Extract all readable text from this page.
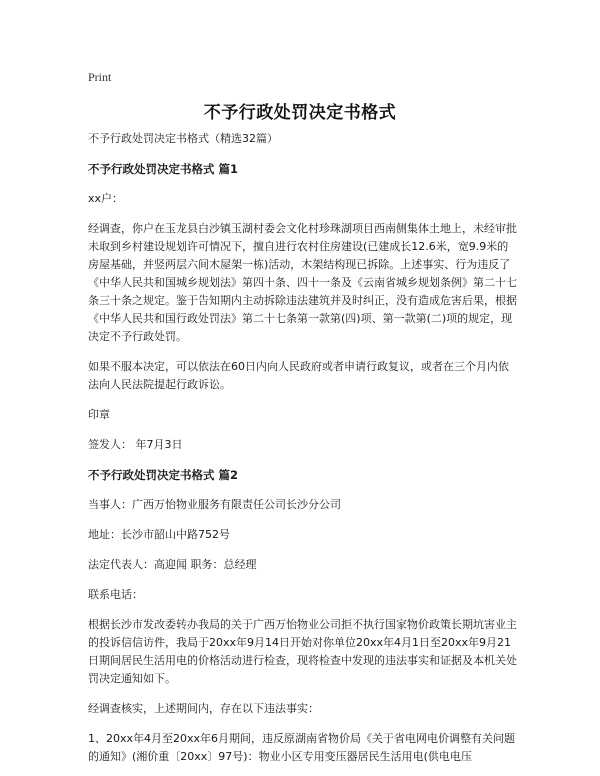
Print
不予行政处罚决定书格式

不予行政处罚决定书格式（精选32篇）

不予行政处罚决定书格式 篇1

xx户：

经调查，你户在玉龙县白沙镇玉湖村委会文化村珍珠湖项目西南侧集体土地上，未经审批未取到乡村建设规划许可情况下，擅自进行农村住房建设(已建成长12.6米，宽9.9米的房屋基础，并竖两层六间木屋架一栋)活动，木架结构现已拆除。上述事实、行为违反了《中华人民共和国城乡规划法》第四十条、四十一条及《云南省城乡规划条例》第二十七条三十条之规定。鉴于告知期内主动拆除违法建筑并及时纠正，没有造成危害后果，根据《中华人民共和国行政处罚法》第二十七条第一款第(四)项、第一款第(二)项的规定，现决定不予行政处罚。

如果不服本决定，可以依法在60日内向人民政府或者申请行政复议，或者在三个月内依法向人民法院提起行政诉讼。

印章

签发人： 年7月3日

不予行政处罚决定书格式 篇2

当事人：广西万怡物业服务有限责任公司长沙分公司

地址：长沙市韶山中路752号

法定代表人：高迎闻 职务：总经理

联系电话：

根据长沙市发改委转办我局的关于广西万怡物业公司拒不执行国家物价政策长期坑害业主的投诉信信访件，我局于20xx年9月14日开始对你单位20xx年4月1日至20xx年9月21日期间居民生活用电的价格活动进行检查，现将检查中发现的违法事实和证据及本机关处罚决定通知如下。

经调查核实，上述期间内，存在以下违法事实：

1、20xx年4月至20xx年6月期间，违反原湖南省物价局《关于省电网电价调整有关问题的通知》(湘价重〔20xx〕97号)：物业小区专用变压器居民生活用电(供电电压
